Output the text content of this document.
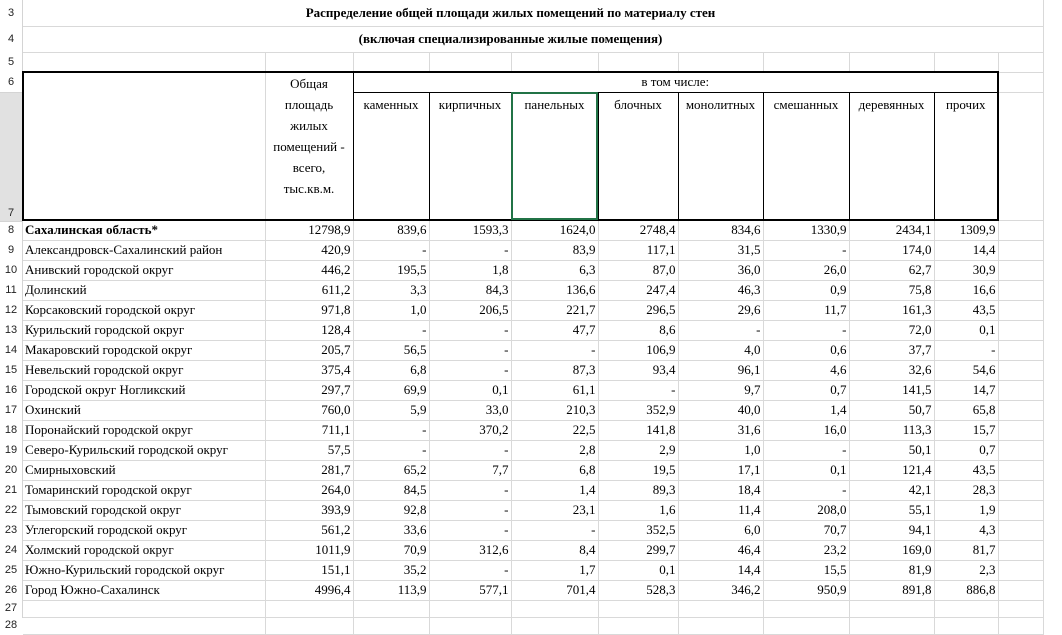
3
4
5
6
7
8
9
10
11
12
13
14
15
16
17
18
19
20
21
22
23
24
25
26
27
28
Распределение общей площади жилых помещений по материалу стен										
(включая специализированные жилые помещения)										

	Общая площадь жилых помещений - всего, тыс.кв.м.	в том числе:								
		каменных	кирпичных	панельных	блочных	монолитных	смешанных	деревянных	прочих	
Сахалинская область*	12798,9	839,6	1593,3	1624,0	2748,4	834,6	1330,9	2434,1	1309,9	
Александровск-Сахалинский район	420,9	-	-	83,9	117,1	31,5	-	174,0	14,4	
Анивский городской округ	446,2	195,5	1,8	6,3	87,0	36,0	26,0	62,7	30,9	
Долинский	611,2	3,3	84,3	136,6	247,4	46,3	0,9	75,8	16,6	
Корсаковский городской округ	971,8	1,0	206,5	221,7	296,5	29,6	11,7	161,3	43,5	
Курильский городской округ	128,4	-	-	47,7	8,6	-	-	72,0	0,1	
Макаровский городской округ	205,7	56,5	-	-	106,9	4,0	0,6	37,7	-	
Невельский городской округ	375,4	6,8	-	87,3	93,4	96,1	4,6	32,6	54,6	
Городской округ Ногликский	297,7	69,9	0,1	61,1	-	9,7	0,7	141,5	14,7	
Охинский	760,0	5,9	33,0	210,3	352,9	40,0	1,4	50,7	65,8	
Поронайский городской округ	711,1	-	370,2	22,5	141,8	31,6	16,0	113,3	15,7	
Северо-Курильский городской округ	57,5	-	-	2,8	2,9	1,0	-	50,1	0,7	
Смирныховский	281,7	65,2	7,7	6,8	19,5	17,1	0,1	121,4	43,5	
Томаринский городской округ	264,0	84,5	-	1,4	89,3	18,4	-	42,1	28,3	
Тымовский городской округ	393,9	92,8	-	23,1	1,6	11,4	208,0	55,1	1,9	
Углегорский городской округ	561,2	33,6	-	-	352,5	6,0	70,7	94,1	4,3	
Холмский городской округ	1011,9	70,9	312,6	8,4	299,7	46,4	23,2	169,0	81,7	
Южно-Курильский городской округ	151,1	35,2	-	1,7	0,1	14,4	15,5	81,9	2,3	
Город Южно-Сахалинск	4996,4	113,9	577,1	701,4	528,3	346,2	950,9	891,8	886,8	
